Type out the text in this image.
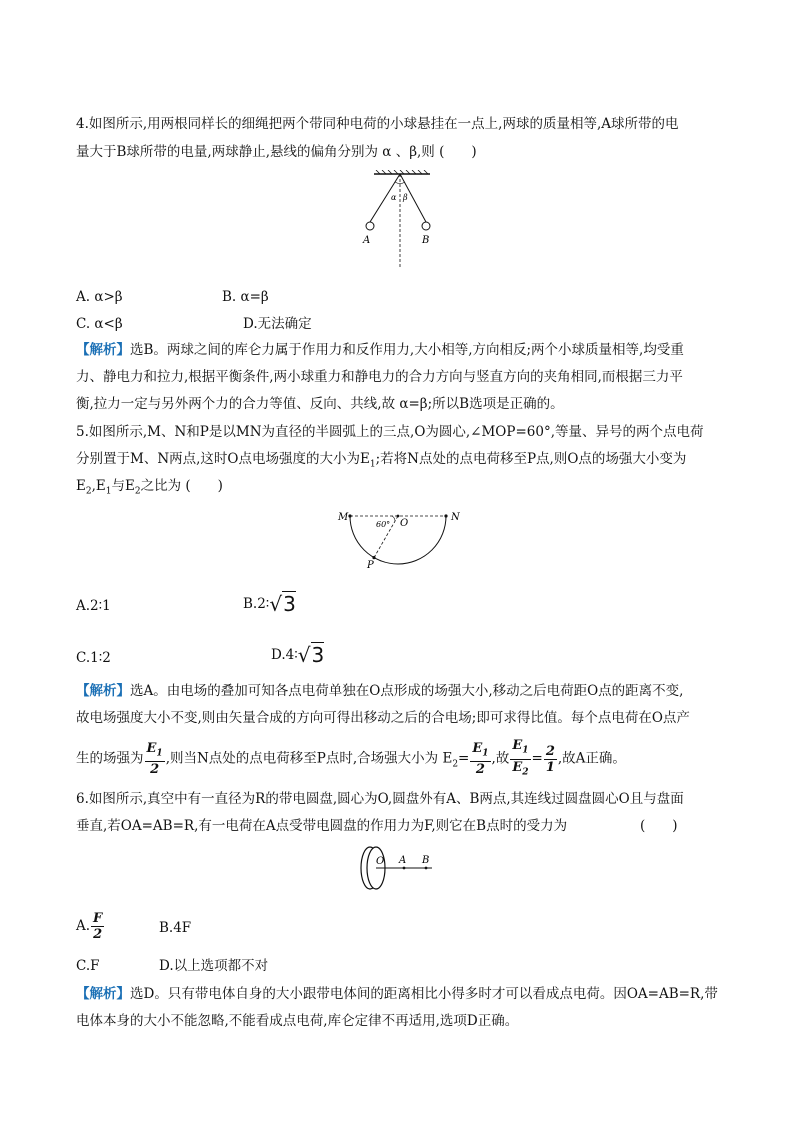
4.如图所示,用两根同样长的细绳把两个带同种电荷的小球悬挂在一点上,两球的质量相等,A球所带的电
量大于B球所带的电量,两球静止,悬线的偏角分别为 α 、β,则 (　　)
α β
A	B
A. α>β	B. α=β
C. α<β	D.无法确定
【解析】选B。两球之间的库仑力属于作用力和反作用力,大小相等,方向相反;两个小球质量相等,均受重
力、静电力和拉力,根据平衡条件,两小球重力和静电力的合力方向与竖直方向的夹角相同,而根据三力平
衡,拉力一定与另外两个力的合力等值、反向、共线,故 α=β;所以B选项是正确的。
5.如图所示,M、N和P是以MN为直径的半圆弧上的三点,O为圆心,∠MOP=60°,等量、异号的两个点电荷
分别置于M、N两点,这时O点电场强度的大小为$E_1$;若将N点处的点电荷移至P点,则O点的场强大小变为
$E_2,E_1$与$E_2$之比为 (　　)
M	N
O
P
60°
A.2∶1	B.2∶√3
C.1∶2	D.4∶√3
【解析】选A。由电场的叠加可知各点电荷单独在O点形成的场强大小,移动之后电荷距O点的距离不变,
故电场强度大小不变,则由矢量合成的方向可得出移动之后的合电场;即可求得比值。每个点电荷在O点产
生的场强为 $\frac{E_1}{2}$ ,则当N点处的点电荷移至P点时,合场强大小为 $E_2= \frac{E_1}{2}$ ,故 $\frac{E_1}{E_2} = \frac{2}{1}$ ,故A正确。
6.如图所示,真空中有一直径为R的带电圆盘,圆心为O,圆盘外有A、B两点,其连线过圆盘圆心O且与盘面
垂直,若OA=AB=R,有一电荷在A点受带电圆盘的作用力为F,则它在B点时的受力为	(　　)
O A B
A. $\frac{F}{2}$	B.4F
C.F	D.以上选项都不对
【解析】选D。只有带电体自身的大小跟带电体间的距离相比小得多时才可以看成点电荷。因OA=AB=R,带
电体本身的大小不能忽略,不能看成点电荷,库仑定律不再适用,选项D正确。
